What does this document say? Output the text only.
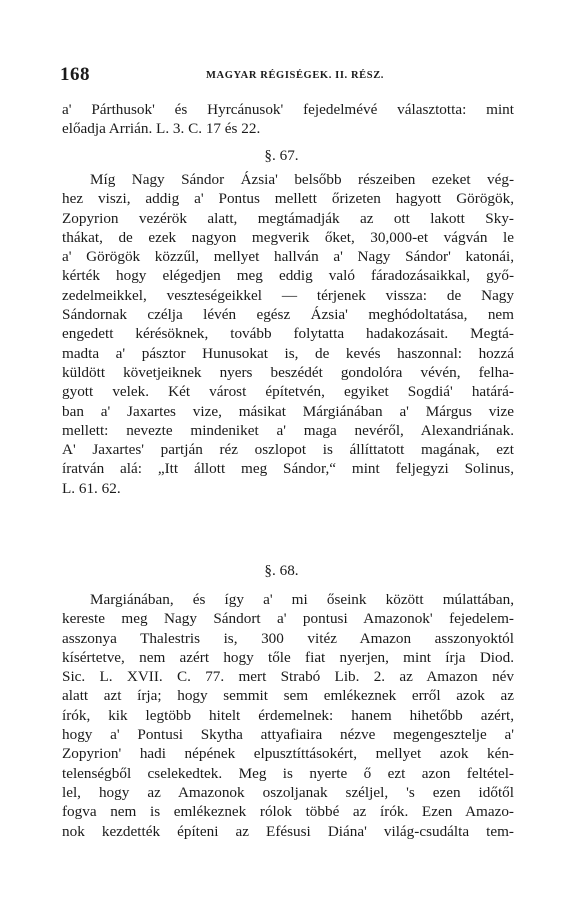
168	MAGYAR RÉGISÉGEK. II. RÉSZ.
a' Párthusok' és Hyrcánusok' fejedelmévé választotta: mint
előadja Arrián. L. 3. C. 17 és 22.
§. 67.
Míg Nagy Sándor Ázsia' belsőbb részeiben ezeket vég-
hez viszi, addig a' Pontus mellett őrizeten hagyott Görögök,
Zopyrion vezérök alatt, megtámadják az ott lakott Sky-
thákat, de ezek nagyon megverik őket, 30,000-et vágván le
a' Görögök közzűl, mellyet hallván a' Nagy Sándor' katonái,
kérték hogy elégedjen meg eddig való fáradozásaikkal, győ-
zedelmeikkel, veszteségeikkel — térjenek vissza: de Nagy
Sándornak czélja lévén egész Ázsia' meghódoltatása, nem
engedett kérésöknek, tovább folytatta hadakozásait. Megtá-
madta a' pásztor Hunusokat is, de kevés haszonnal: hozzá
küldött követjeiknek nyers beszédét gondolóra vévén, felha-
gyott velek. Két várost építetvén, egyiket Sogdiá' határá-
ban a' Jaxartes vize, másikat Márgiánában a' Márgus vize
mellett: nevezte mindeniket a' maga nevéről, Alexandriának.
A' Jaxartes' partján réz oszlopot is állíttatott magának, ezt
íratván alá: „Itt állott meg Sándor,“ mint feljegyzi Solinus,
L. 61. 62.
§. 68.
Margiánában, és így a' mi őseink között múlattában,
kereste meg Nagy Sándort a' pontusi Amazonok' fejedelem-
asszonya Thalestris is, 300 vitéz Amazon asszonyoktól
kísértetve, nem azért hogy tőle fiat nyerjen, mint írja Diod.
Sic. L. XVII. C. 77. mert Strabó Lib. 2. az Amazon név
alatt azt írja; hogy semmit sem emlékeznek erről azok az
írók, kik legtöbb hitelt érdemelnek: hanem hihetőbb azért,
hogy a' Pontusi Skytha attyafiaira nézve megengesztelje a'
Zopyrion' hadi népének elpusztíttásokért, mellyet azok kén-
telenségből cselekedtek. Meg is nyerte ő ezt azon feltétel-
lel, hogy az Amazonok oszoljanak széljel, 's ezen időtől
fogva nem is emlékeznek rólok többé az írók. Ezen Amazo-
nok kezdették építeni az Efésusi Diána' világ-csudálta tem-
